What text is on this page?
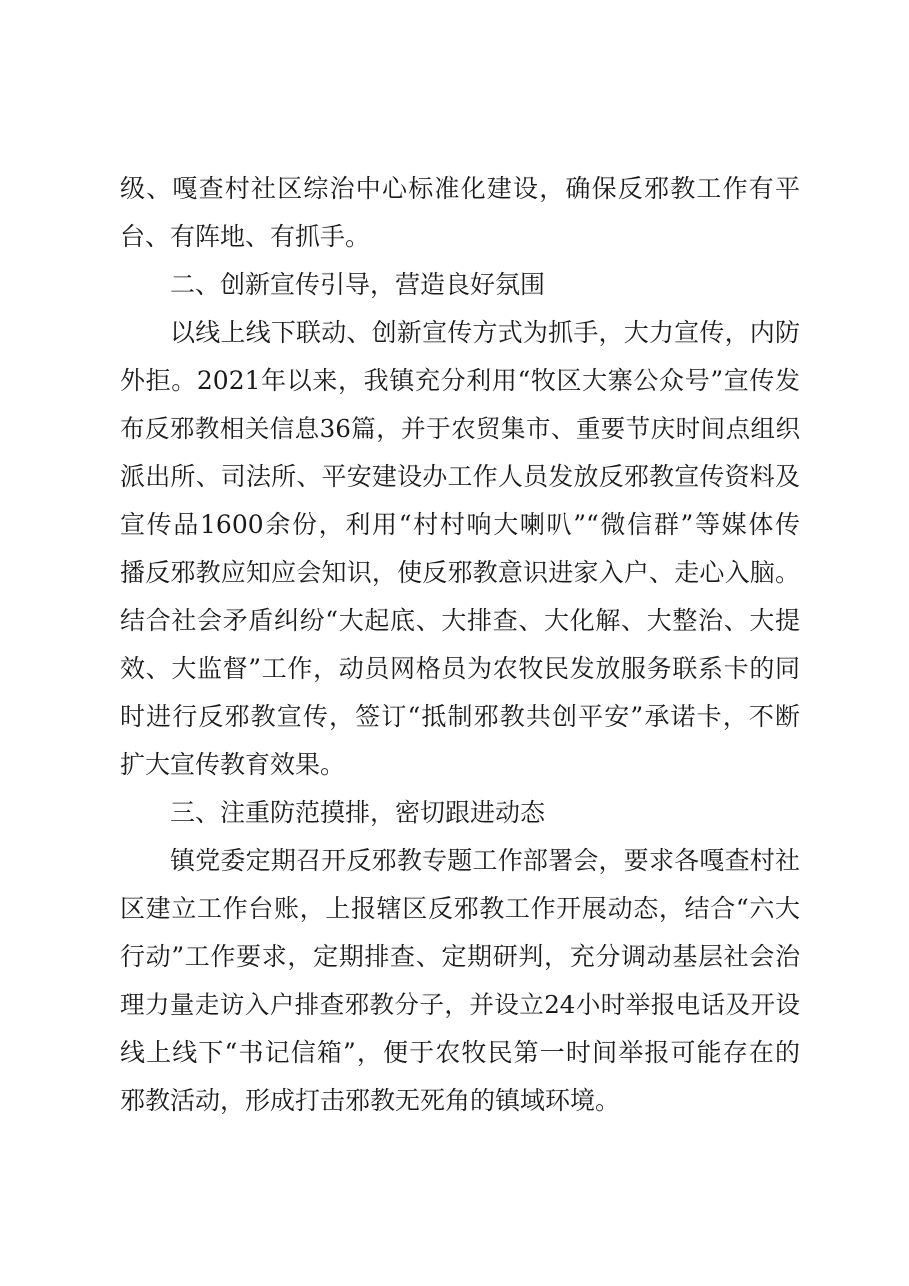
级、嘎查村社区综治中心标准化建设，确保反邪教工作有平
台、有阵地、有抓手。
二、创新宣传引导，营造良好氛围
以线上线下联动、创新宣传方式为抓手，大力宣传，内防
外拒。2021年以来，我镇充分利用“牧区大寨公众号”宣传发
布反邪教相关信息36篇，并于农贸集市、重要节庆时间点组织
派出所、司法所、平安建设办工作人员发放反邪教宣传资料及
宣传品1600余份，利用“村村响大喇叭”“微信群”等媒体传
播反邪教应知应会知识，使反邪教意识进家入户、走心入脑。
结合社会矛盾纠纷“大起底、大排查、大化解、大整治、大提
效、大监督”工作，动员网格员为农牧民发放服务联系卡的同
时进行反邪教宣传，签订“抵制邪教共创平安”承诺卡，不断
扩大宣传教育效果。
三、注重防范摸排，密切跟进动态
镇党委定期召开反邪教专题工作部署会，要求各嘎查村社
区建立工作台账，上报辖区反邪教工作开展动态，结合“六大
行动”工作要求，定期排查、定期研判，充分调动基层社会治
理力量走访入户排查邪教分子，并设立24小时举报电话及开设
线上线下“书记信箱”，便于农牧民第一时间举报可能存在的
邪教活动，形成打击邪教无死角的镇域环境。
